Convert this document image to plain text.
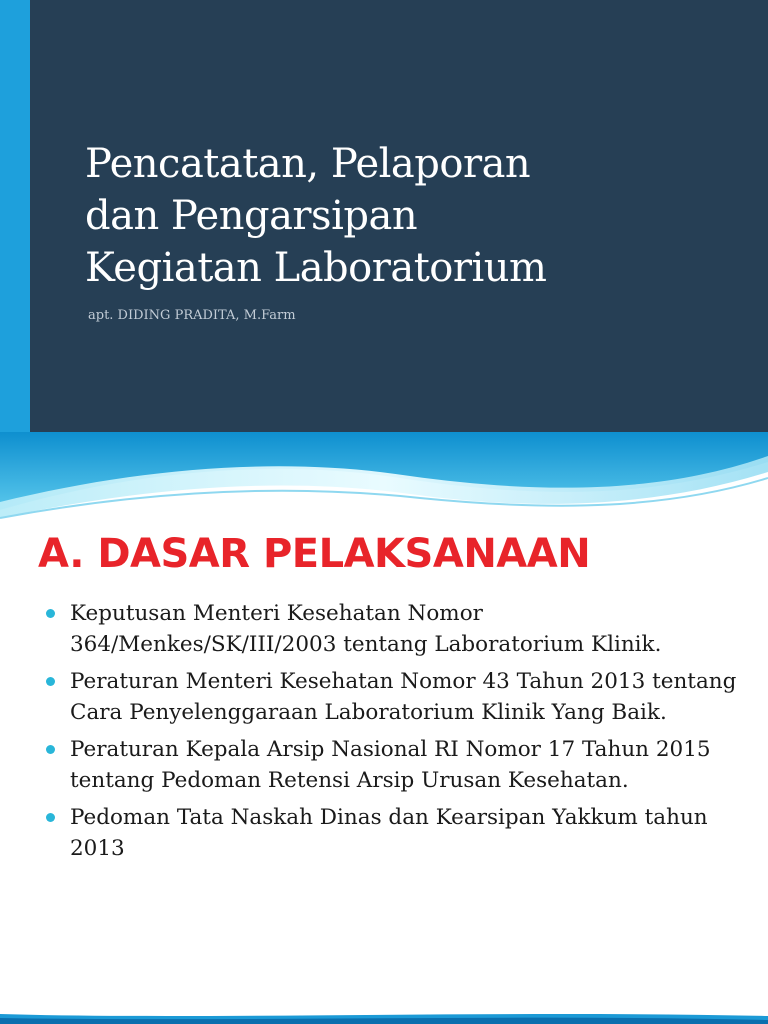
Pencatatan, Pelaporan
dan Pengarsipan
Kegiatan Laboratorium
apt. DIDING PRADITA, M.Farm
A. DASAR PELAKSANAAN
Keputusan Menteri Kesehatan Nomor 364/Menkes/SK/III/2003 tentang Laboratorium Klinik.
Peraturan Menteri Kesehatan Nomor 43 Tahun 2013 tentang Cara Penyelenggaraan Laboratorium Klinik Yang Baik.
Peraturan Kepala Arsip Nasional RI Nomor 17 Tahun 2015 tentang Pedoman Retensi Arsip Urusan Kesehatan.
Pedoman Tata Naskah Dinas dan Kearsipan Yakkum tahun 2013
